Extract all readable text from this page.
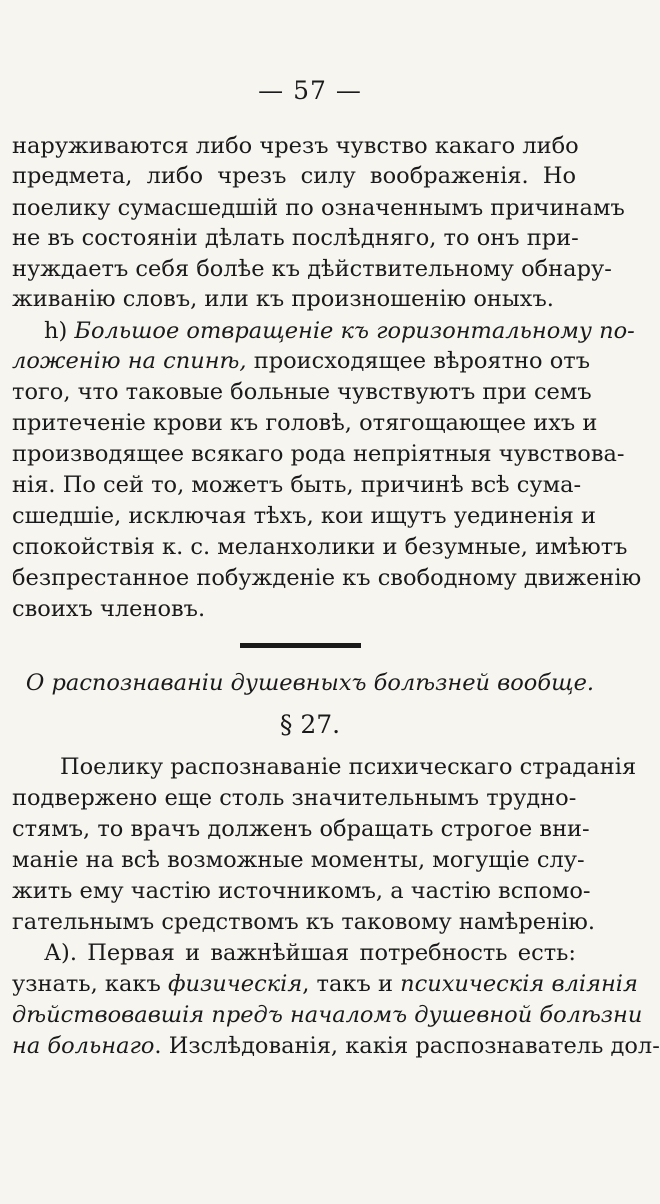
— 57 —
наруживаются либо чрезъ чувство какаго либо
предмета, либо чрезъ силу воображенія. Но
поелику сумасшедшій по означеннымъ причинамъ
не въ состояніи дѣлать послѣдняго, то онъ при-
нуждаетъ себя болѣе къ дѣйствительному обнару-
живанію словъ, или къ произношенію оныхъ.
h) Большое отвращеніе къ горизонтальному по-
ложенію на спинѣ, происходящее вѣроятно отъ
того, что таковые больные чувствуютъ при семъ
притеченіе крови къ головѣ, отягощающее ихъ и
производящее всякаго рода непріятныя чувствова-
нія. По сей то, можетъ быть, причинѣ всѣ сума-
сшедшіе, исключая тѣхъ, кои ищутъ уединенія и
спокойствія к. с. меланхолики и безумные, имѣютъ
безпрестанное побужденіе къ свободному движенію
своихъ членовъ.
О распознаваніи душевныхъ болѣзней вообще.
§ 27.
Поелику распознаваніе психическаго страданія
подвержено еще столь значительнымъ трудно-
стямъ, то врачъ долженъ обращать строгое вни-
маніе на всѣ возможные моменты, могущіе слу-
жить ему частію источникомъ, а частію вспомо-
гательнымъ средствомъ къ таковому намѣренію.
А). Первая и важнѣйшая потребность есть:
узнать, какъ физическія, такъ и психическія вліянія
дѣйствовавшія предъ началомъ душевной болѣзни
на больнаго. Изслѣдованія, какія распознаватель дол-
